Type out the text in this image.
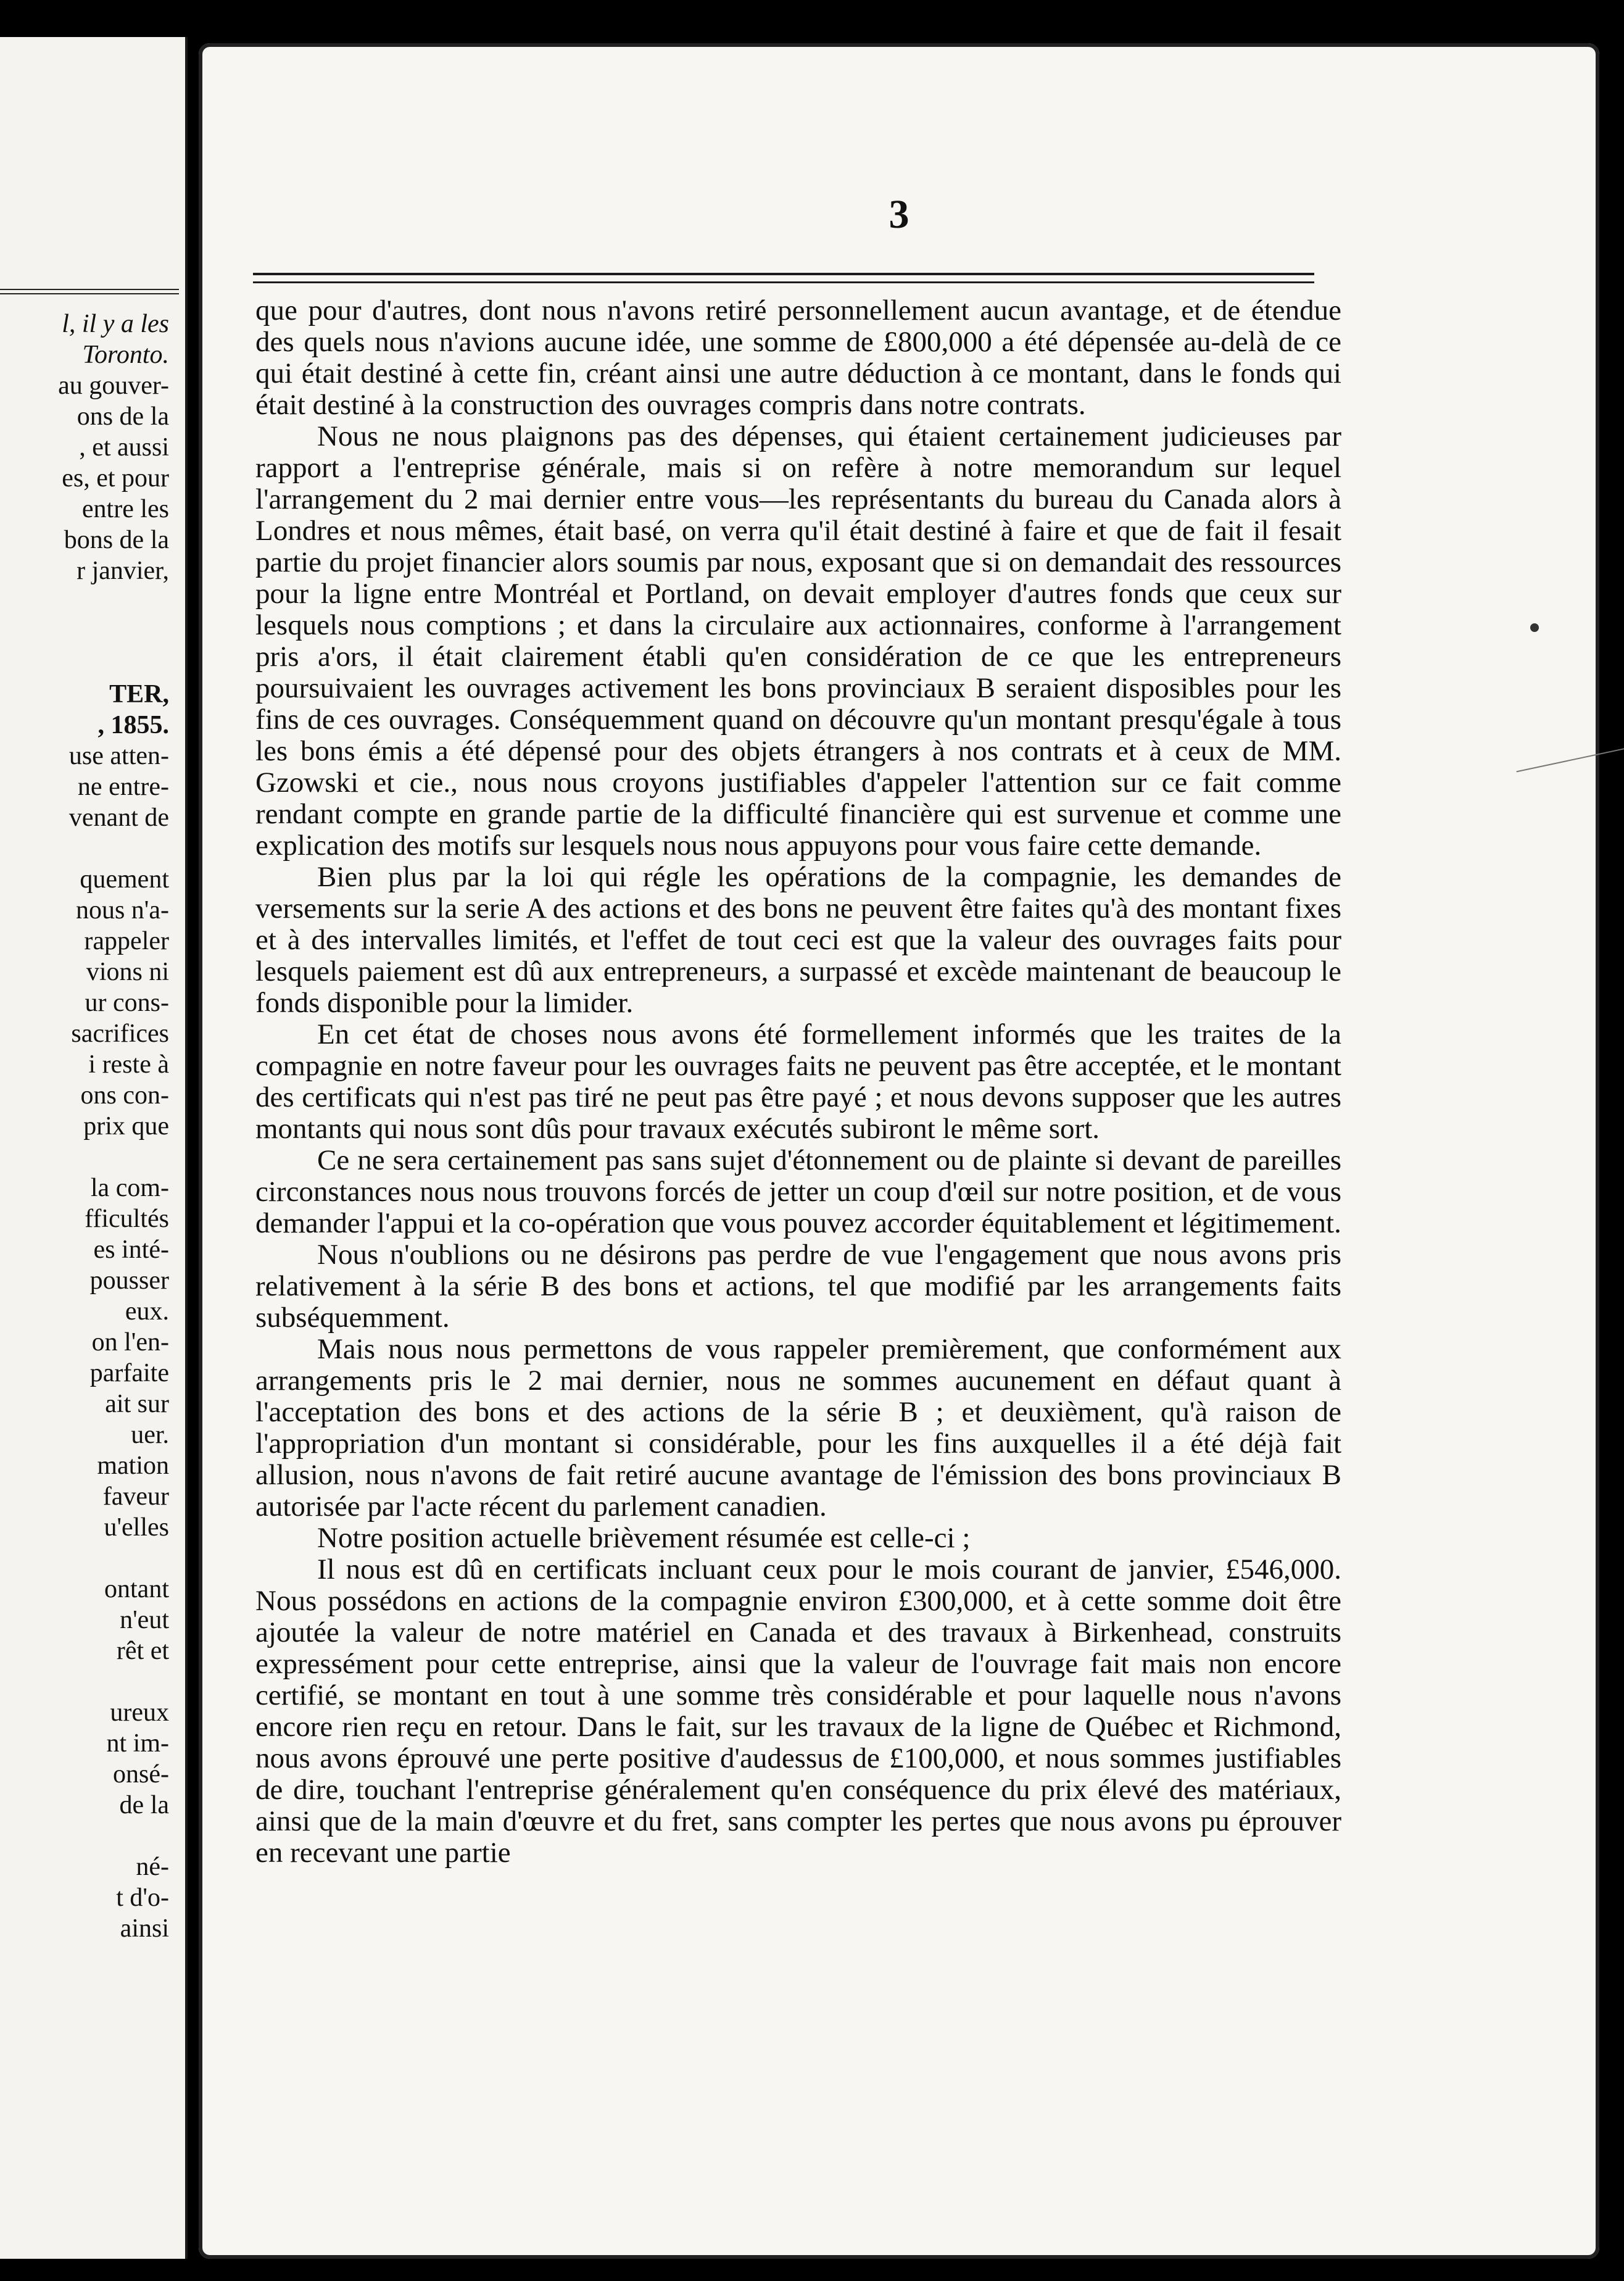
l, il y a les
Toronto.
au gouver-
ons de la
, et aussi
es, et pour
entre les
bons de la
r janvier,
TER,
, 1855.
use atten-
ne entre-
venant de
quement
nous n'a-
rappeler
vions ni
ur cons-
sacrifices
i reste à
ons con-
prix que
la com-
fficultés
es inté-
pousser
eux.
on l'en-
parfaite
ait sur
uer.
mation
faveur
u'elles
ontant
n'eut
rêt et
ureux
nt im-
onsé-
de la
né-
t d'o-
ainsi
3

que pour d'autres, dont nous n'avons retiré personnellement aucun avantage, et de étendue des quels nous n'avions aucune idée, une somme de £800,000 a été dépensée au-delà de ce qui était destiné à cette fin, créant ainsi une autre déduction à ce montant, dans le fonds qui était destiné à la construction des ouvrages compris dans notre contrats.

Nous ne nous plaignons pas des dépenses, qui étaient certainement judicieuses par rapport a l'entreprise générale, mais si on refère à notre memorandum sur lequel l'arrangement du 2 mai dernier entre vous—les représentants du bureau du Canada alors à Londres et nous mêmes, était basé, on verra qu'il était destiné à faire et que de fait il fesait partie du projet financier alors soumis par nous, exposant que si on demandait des ressources pour la ligne entre Montréal et Portland, on devait employer d'autres fonds que ceux sur lesquels nous comptions ; et dans la circulaire aux actionnaires, conforme à l'arrangement pris a'ors, il était clairement établi qu'en considération de ce que les entrepreneurs poursuivaient les ouvrages activement les bons provinciaux B seraient disposibles pour les fins de ces ouvrages. Conséquemment quand on découvre qu'un montant presqu'égale à tous les bons émis a été dépensé pour des objets étrangers à nos contrats et à ceux de MM. Gzowski et cie., nous nous croyons justifiables d'appeler l'attention sur ce fait comme rendant compte en grande partie de la difficulté financière qui est survenue et comme une explication des motifs sur lesquels nous nous appuyons pour vous faire cette demande.

Bien plus par la loi qui régle les opérations de la compagnie, les demandes de versements sur la serie A des actions et des bons ne peuvent être faites qu'à des montant fixes et à des intervalles limités, et l'effet de tout ceci est que la valeur des ouvrages faits pour lesquels paiement est dû aux entrepreneurs, a surpassé et excède maintenant de beaucoup le fonds disponible pour la limider.

En cet état de choses nous avons été formellement informés que les traites de la compagnie en notre faveur pour les ouvrages faits ne peuvent pas être acceptée, et le montant des certificats qui n'est pas tiré ne peut pas être payé ; et nous devons supposer que les autres montants qui nous sont dûs pour travaux exécutés subiront le même sort.

Ce ne sera certainement pas sans sujet d'étonnement ou de plainte si devant de pareilles circonstances nous nous trouvons forcés de jetter un coup d'œil sur notre position, et de vous demander l'appui et la co-opération que vous pouvez accorder équitablement et légitimement.

Nous n'oublions ou ne désirons pas perdre de vue l'engagement que nous avons pris relativement à la série B des bons et actions, tel que modifié par les arrangements faits subséquemment.

Mais nous nous permettons de vous rappeler premièrement, que conformément aux arrangements pris le 2 mai dernier, nous ne sommes aucunement en défaut quant à l'acceptation des bons et des actions de la série B ; et deuxièment, qu'à raison de l'appropriation d'un montant si considérable, pour les fins auxquelles il a été déjà fait allusion, nous n'avons de fait retiré aucune avantage de l'émission des bons provinciaux B autorisée par l'acte récent du parlement canadien.

Notre position actuelle brièvement résumée est celle-ci ;

Il nous est dû en certificats incluant ceux pour le mois courant de janvier, £546,000. Nous possédons en actions de la compagnie environ £300,000, et à cette somme doit être ajoutée la valeur de notre matériel en Canada et des travaux à Birkenhead, construits expressément pour cette entreprise, ainsi que la valeur de l'ouvrage fait mais non encore certifié, se montant en tout à une somme très considérable et pour laquelle nous n'avons encore rien reçu en retour. Dans le fait, sur les travaux de la ligne de Québec et Richmond, nous avons éprouvé une perte positive d'audessus de £100,000, et nous sommes justifiables de dire, touchant l'entreprise généralement qu'en conséquence du prix élevé des matériaux, ainsi que de la main d'œuvre et du fret, sans compter les pertes que nous avons pu éprouver en recevant une partie
